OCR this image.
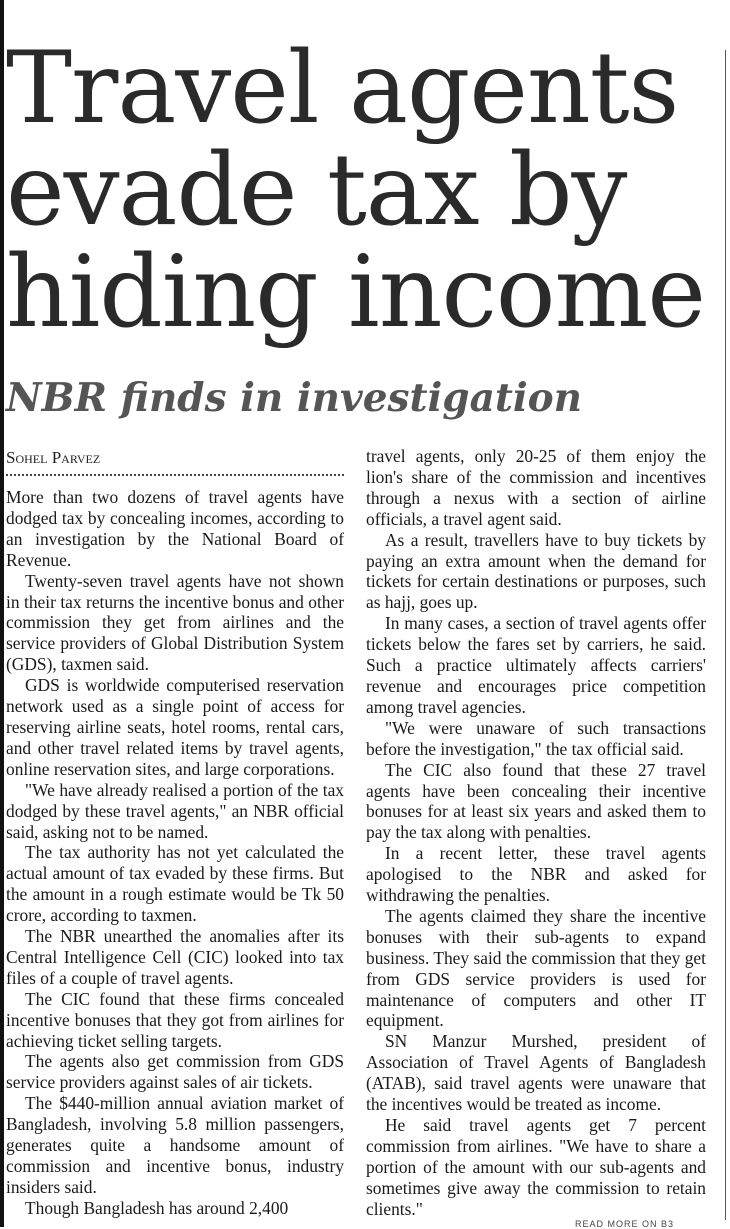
Travel agents
evade tax by
hiding income
NBR finds in investigation
Sohel Parvez

More than two dozens of travel agents have dodged tax by concealing incomes, according to an investigation by the National Board of Revenue.

Twenty-seven travel agents have not shown in their tax returns the incentive bonus and other commission they get from airlines and the service providers of Global Distribution System (GDS), taxmen said.

GDS is worldwide computerised reservation network used as a single point of access for reserving airline seats, hotel rooms, rental cars, and other travel related items by travel agents, online reservation sites, and large corporations.

"We have already realised a portion of the tax dodged by these travel agents," an NBR official said, asking not to be named.

The tax authority has not yet calculated the actual amount of tax evaded by these firms. But the amount in a rough estimate would be Tk 50 crore, according to taxmen.

The NBR unearthed the anomalies after its Central Intelligence Cell (CIC) looked into tax files of a couple of travel agents.

The CIC found that these firms concealed incentive bonuses that they got from airlines for achieving ticket selling targets.

The agents also get commission from GDS service providers against sales of air tickets.

The $440-million annual aviation market of Bangladesh, involving 5.8 million passengers, generates quite a handsome amount of commission and incentive bonus, industry insiders said.

Though Bangladesh has around 2,400

travel agents, only 20-25 of them enjoy the lion's share of the commission and incentives through a nexus with a section of airline officials, a travel agent said.

As a result, travellers have to buy tickets by paying an extra amount when the demand for tickets for certain destinations or purposes, such as hajj, goes up.

In many cases, a section of travel agents offer tickets below the fares set by carriers, he said. Such a practice ultimately affects carriers' revenue and encourages price competition among travel agencies.

"We were unaware of such transactions before the investigation," the tax official said.

The CIC also found that these 27 travel agents have been concealing their incentive bonuses for at least six years and asked them to pay the tax along with penalties.

In a recent letter, these travel agents apologised to the NBR and asked for withdrawing the penalties.

The agents claimed they share the incentive bonuses with their sub-agents to expand business. They said the commission that they get from GDS service providers is used for maintenance of computers and other IT equipment.

SN Manzur Murshed, president of Association of Travel Agents of Bangladesh (ATAB), said travel agents were unaware that the incentives would be treated as income.

He said travel agents get 7 percent commission from airlines. "We have to share a portion of the amount with our sub-agents and sometimes give away the commission to retain clients."

READ MORE ON B3
